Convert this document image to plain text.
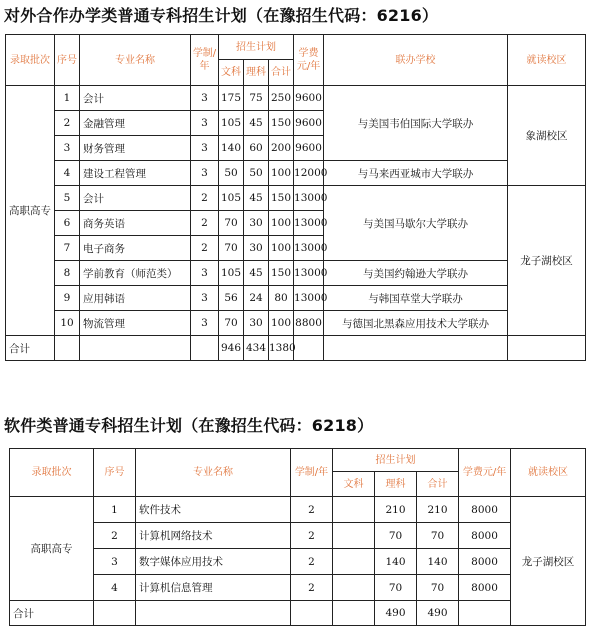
对外合作办学类普通专科招生计划（在豫招生代码：6216）
录取批次	序号	专业名称	学制/年	招生计划			学费元/年	联办学校	就读校区
				文科	理科	合计			
高职高专	1	会计	3	175	75	250	9600	与美国韦伯国际大学联办	象湖校区
	2	金融管理	3	105	45	150	9600		
	3	财务管理	3	140	60	200	9600		
	4	建设工程管理	3	50	50	100	12000	与马来西亚城市大学联办	
	5	会计	2	105	45	150	13000	与美国马歇尔大学联办	龙子湖校区
	6	商务英语	2	70	30	100	13000		
	7	电子商务	2	70	30	100	13000		
	8	学前教育（师范类）	3	105	45	150	13000	与美国约翰逊大学联办	
	9	应用韩语	3	56	24	80	13000	与韩国草堂大学联办	
	10	物流管理	3	70	30	100	8800	与德国北黑森应用技术大学联办	
合计				946	434	1380			
软件类普通专科招生计划（在豫招生代码：6218）
录取批次	序号	专业名称	学制/年	招生计划			学费元/年	就读校区
				文科	理科	合计		
高职高专	1	软件技术	2		210	210	8000	龙子湖校区
	2	计算机网络技术	2		70	70	8000	
	3	数字媒体应用技术	2		140	140	8000	
	4	计算机信息管理	2		70	70	8000	
合计					490	490		
